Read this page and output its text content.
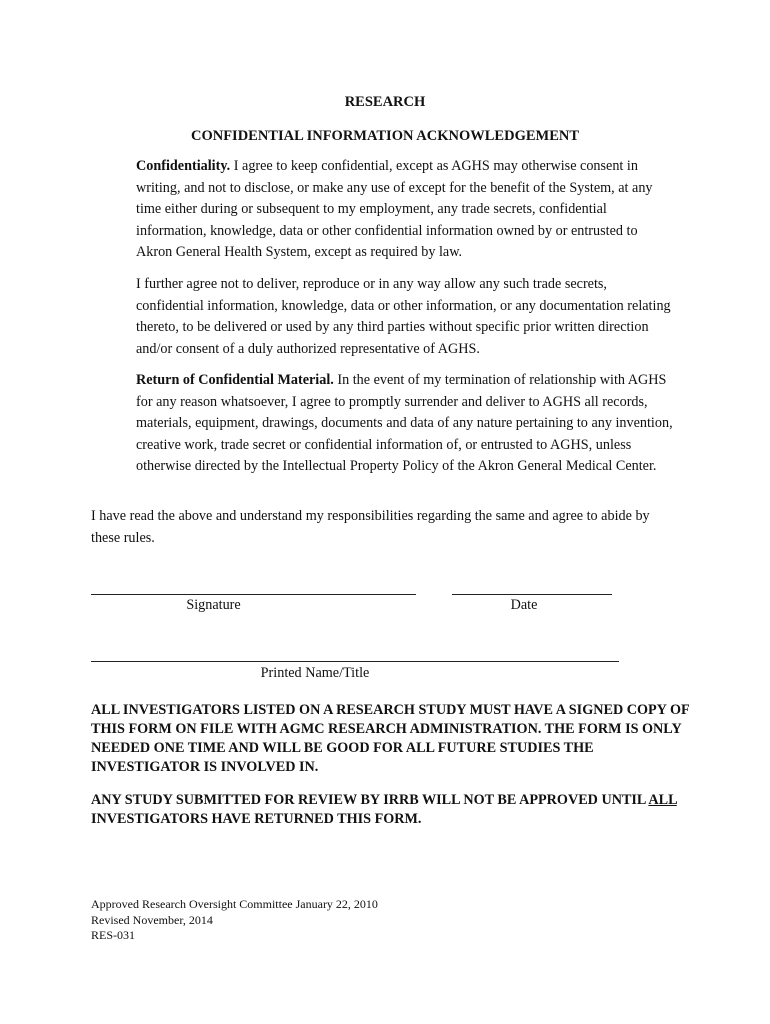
RESEARCH
CONFIDENTIAL INFORMATION ACKNOWLEDGEMENT
Confidentiality. I agree to keep confidential, except as AGHS may otherwise consent in writing, and not to disclose, or make any use of except for the benefit of the System, at any time either during or subsequent to my employment, any trade secrets, confidential information, knowledge, data or other confidential information owned by or entrusted to Akron General Health System, except as required by law.
I further agree not to deliver, reproduce or in any way allow any such trade secrets, confidential information, knowledge, data or other information, or any documentation relating thereto, to be delivered or used by any third parties without specific prior written direction and/or consent of a duly authorized representative of AGHS.
Return of Confidential Material. In the event of my termination of relationship with AGHS for any reason whatsoever, I agree to promptly surrender and deliver to AGHS all records, materials, equipment, drawings, documents and data of any nature pertaining to any invention, creative work, trade secret or confidential information of, or entrusted to AGHS, unless otherwise directed by the Intellectual Property Policy of the Akron General Medical Center.
I have read the above and understand my responsibilities regarding the same and agree to abide by these rules.
Signature	Date
Printed Name/Title
ALL INVESTIGATORS LISTED ON A RESEARCH STUDY MUST HAVE A SIGNED COPY OF THIS FORM ON FILE WITH AGMC RESEARCH ADMINISTRATION. THE FORM IS ONLY NEEDED ONE TIME AND WILL BE GOOD FOR ALL FUTURE STUDIES THE INVESTIGATOR IS INVOLVED IN.
ANY STUDY SUBMITTED FOR REVIEW BY IRRB WILL NOT BE APPROVED UNTIL ALL INVESTIGATORS HAVE RETURNED THIS FORM.
Approved Research Oversight Committee January 22, 2010
Revised November, 2014
RES-031
